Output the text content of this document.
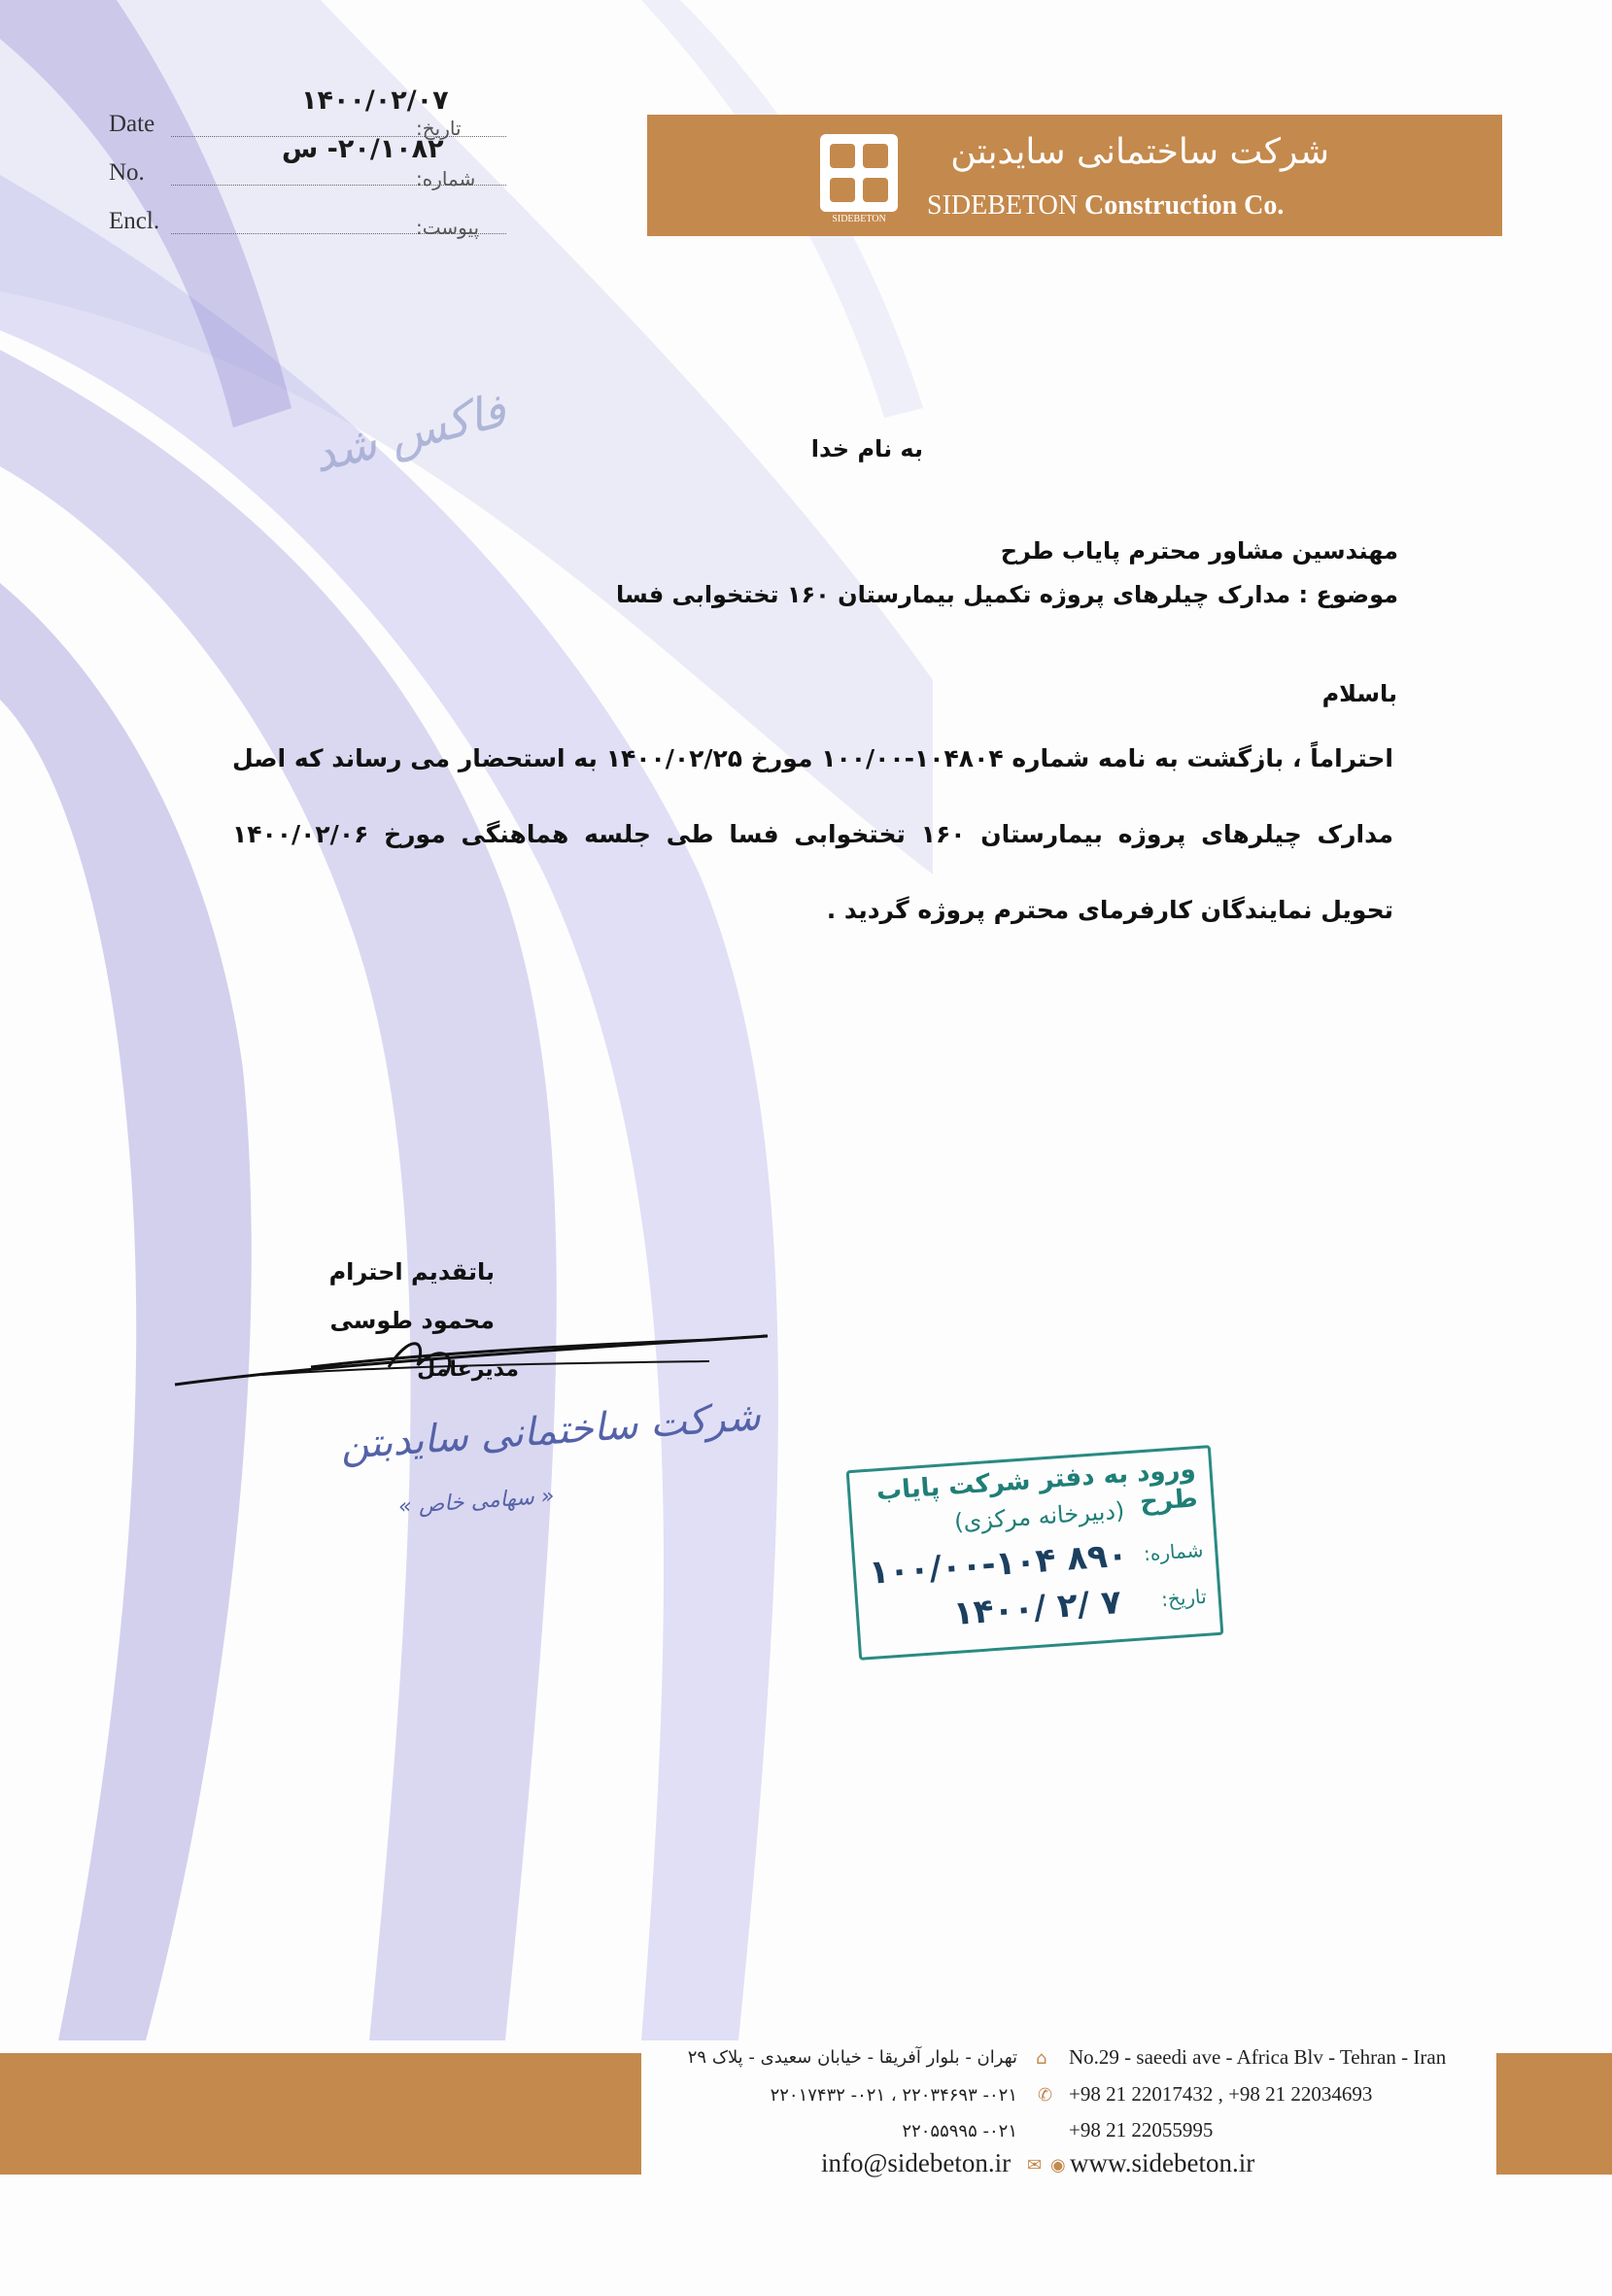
Date	تاریخ:
۱۴۰۰/۰۲/۰۷
No.	شماره:
۲۰/۱۰۸۲- س
Encl.	پیوست:	SIDEBETON
شرکت ساختمانی سایدبتن
SIDEBETON Construction Co.
فاکس شد	به نام خدا
مهندسین مشاور محترم پایاب طرح
موضوع : مدارک چیلرهای پروژه تکمیل بیمارستان ۱۶۰ تختخوابی فسا
باسلام
احتراماً ، بازگشت به نامه شماره ۱۰۴۸۰۴-۱۰۰/۰۰ مورخ ۱۴۰۰/۰۲/۲۵ به استحضار می رساند که اصل مدارک چیلرهای پروژه بیمارستان ۱۶۰ تختخوابی فسا طی جلسه هماهنگی مورخ ۱۴۰۰/۰۲/۰۶ تحویل نمایندگان کارفرمای محترم پروژه گردید .
باتقدیم احترام
محمود طوسی
مدیرعامل
شرکت ساختمانی سایدبتن
« سهامی خاص »	ورود به دفتر شرکت پایاب طرح
(دبیرخانه مرکزی)
شماره:
۱۰۰/۰۰-۱۰۴ ۸۹۰
تاریخ:
۱۴۰۰/ ۲/ ۷
تهران - بلوار آفریقا - خیابان سعیدی - پلاک ۲۹
۰۲۱- ۲۲۰۳۴۶۹۳ ، ۰۲۱- ۲۲۰۱۷۴۳۲
۰۲۱- ۲۲۰۵۵۹۹۵
⌂ No.29 - saeedi ave - Africa Blv - Tehran - Iran
✆ +98 21 22017432 , +98 21 22034693
+98 21 22055995
info@sidebeton.ir ✉ ◉ www.sidebeton.ir
